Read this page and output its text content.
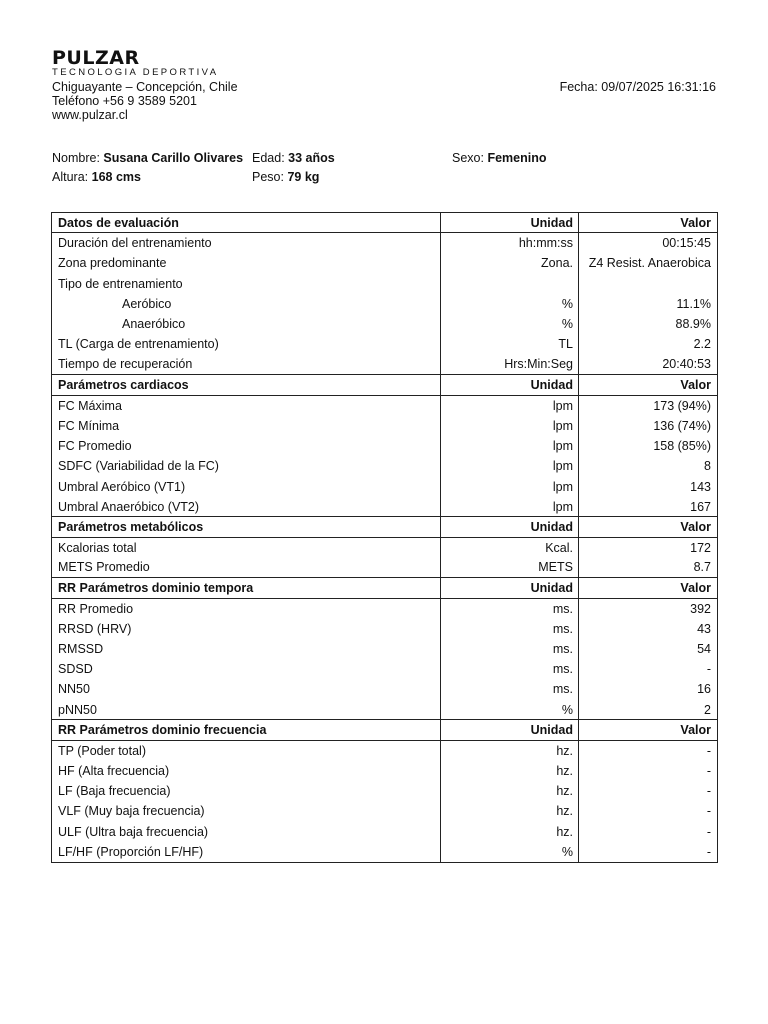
PULZAR
TECNOLOGIA DEPORTIVA
Chiguayante – Concepción, Chile
Teléfono +56 9 3589 5201
www.pulzar.cl
Fecha: 09/07/2025 16:31:16
Nombre: Susana Carillo Olivares Edad: 33 años	Sexo: Femenino
Altura: 168 cms	Peso: 79 kg
Datos de evaluación	Unidad	Valor
Duración del entrenamiento	hh:mm:ss	00:15:45
Zona predominante	Zona.	Z4 Resist. Anaerobica
Tipo de entrenamiento		
Aeróbico	%	11.1%
Anaeróbico	%	88.9%
TL (Carga de entrenamiento)	TL	2.2
Tiempo de recuperación	Hrs:Min:Seg	20:40:53
Parámetros cardiacos	Unidad	Valor
FC Máxima	lpm	173 (94%)
FC Mínima	lpm	136 (74%)
FC Promedio	lpm	158 (85%)
SDFC (Variabilidad de la FC)	lpm	8
Umbral Aeróbico (VT1)	lpm	143
Umbral Anaeróbico (VT2)	lpm	167
Parámetros metabólicos	Unidad	Valor
Kcalorias total	Kcal.	172
METS Promedio	METS	8.7
RR Parámetros dominio tempora	Unidad	Valor
RR Promedio	ms.	392
RRSD (HRV)	ms.	43
RMSSD	ms.	54
SDSD	ms.	-
NN50	ms.	16
pNN50	%	2
RR Parámetros dominio frecuencia	Unidad	Valor
TP (Poder total)	hz.	-
HF (Alta frecuencia)	hz.	-
LF (Baja frecuencia)	hz.	-
VLF (Muy baja frecuencia)	hz.	-
ULF (Ultra baja frecuencia)	hz.	-
LF/HF (Proporción LF/HF)	%	-
